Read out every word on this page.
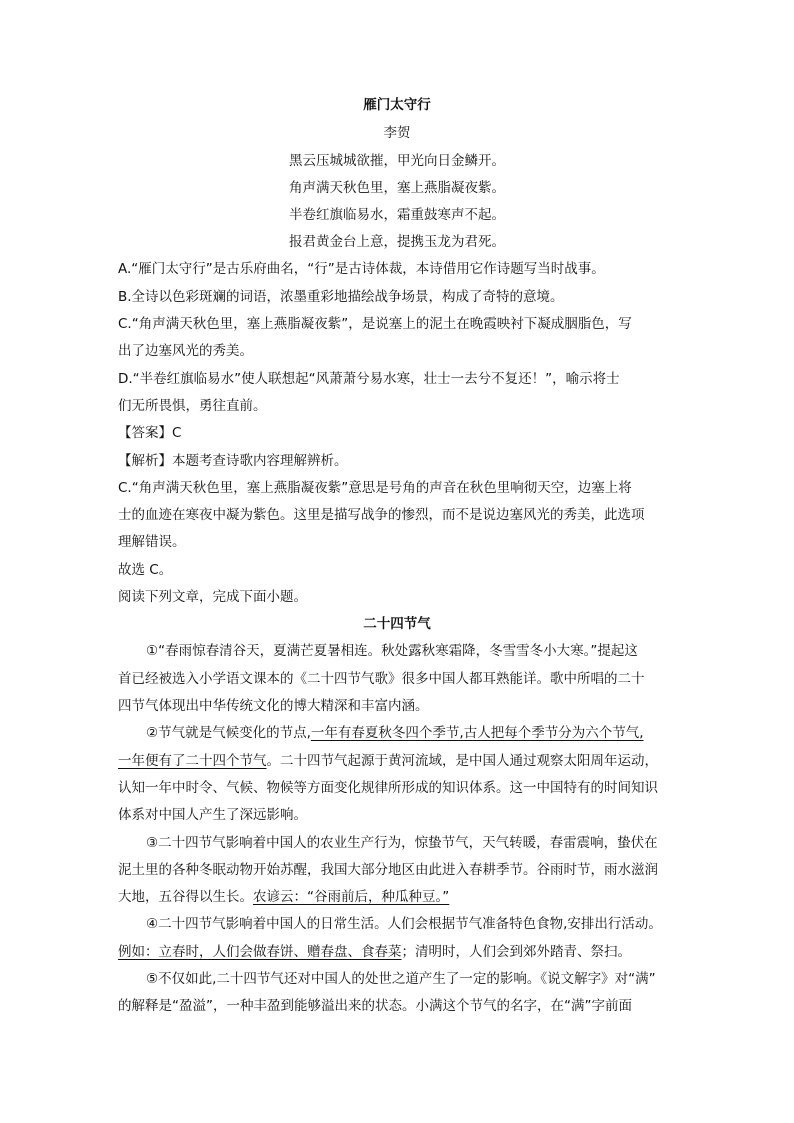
雁门太守行
李贺
黑云压城城欲摧，甲光向日金鳞开。
角声满天秋色里，塞上燕脂凝夜紫。
半卷红旗临易水，霜重鼓寒声不起。
报君黄金台上意，提携玉龙为君死。
A.“雁门太守行”是古乐府曲名，“行”是古诗体裁，本诗借用它作诗题写当时战事。
B.全诗以色彩斑斓的词语，浓墨重彩地描绘战争场景，构成了奇特的意境。
C.“角声满天秋色里，塞上燕脂凝夜紫”，是说塞上的泥土在晚霞映衬下凝成胭脂色，写
出了边塞风光的秀美。
D.“半卷红旗临易水”使人联想起“风萧萧兮易水寒，壮士一去兮不复还！”，喻示将士
们无所畏惧，勇往直前。
【答案】C
【解析】本题考查诗歌内容理解辨析。
C.“角声满天秋色里，塞上燕脂凝夜紫”意思是号角的声音在秋色里响彻天空，边塞上将
士的血迹在寒夜中凝为紫色。这里是描写战争的惨烈，而不是说边塞风光的秀美，此选项
理解错误。
故选 C。
阅读下列文章，完成下面小题。
二十四节气
①“春雨惊春清谷天，夏满芒夏暑相连。秋处露秋寒霜降，冬雪雪冬小大寒。”提起这
首已经被选入小学语文课本的《二十四节气歌》很多中国人都耳熟能详。歌中所唱的二十
四节气体现出中华传统文化的博大精深和丰富内涵。
②节气就是气候变化的节点,一年有春夏秋冬四个季节,古人把每个季节分为六个节气,
一年便有了二十四个节气。二十四节气起源于黄河流域，是中国人通过观察太阳周年运动，
认知一年中时令、气候、物候等方面变化规律所形成的知识体系。这一中国特有的时间知识
体系对中国人产生了深远影响。
③二十四节气影响着中国人的农业生产行为，惊蛰节气，天气转暖，春雷震响，蛰伏在
泥土里的各种冬眠动物开始苏醒，我国大部分地区由此进入春耕季节。谷雨时节，雨水滋润
大地，五谷得以生长。农谚云：“谷雨前后，种瓜种豆。”
④二十四节气影响着中国人的日常生活。人们会根据节气准备特色食物,安排出行活动。
例如：立春时，人们会做春饼、赠春盘、食春菜；清明时，人们会到郊外踏青、祭扫。
⑤不仅如此,二十四节气还对中国人的处世之道产生了一定的影响。《说文解字》对“满”
的解释是“盈溢”，一种丰盈到能够溢出来的状态。小满这个节气的名字，在“满”字前面
